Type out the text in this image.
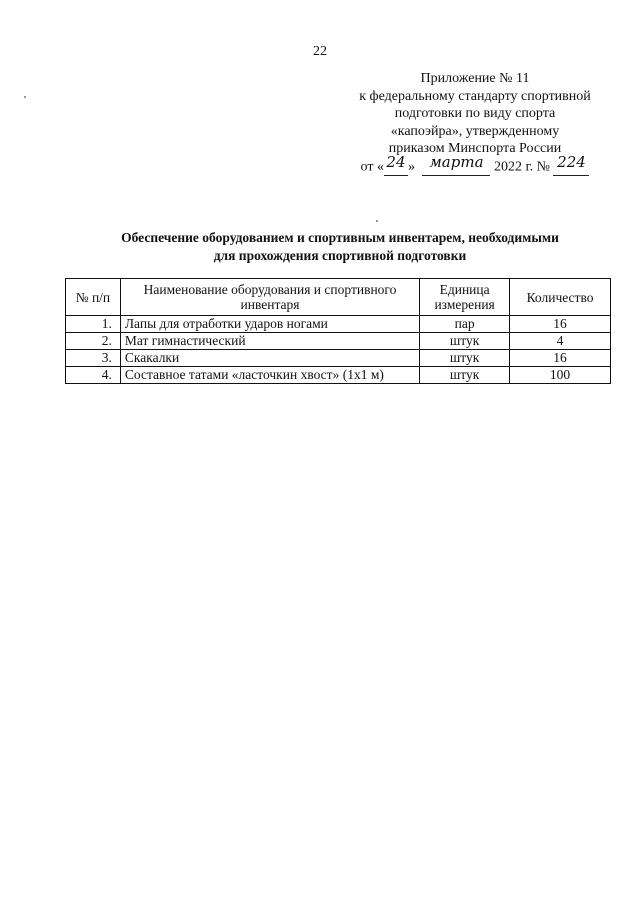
22
Приложение № 11
к федеральному стандарту спортивной
подготовки по виду спорта
«капоэйра», утвержденному
приказом Минспорта России
от « 24 » марта 2022 г. № 224
Обеспечение оборудованием и спортивным инвентарем, необходимыми
для прохождения спортивной подготовки
№ п/п	Наименование оборудования и спортивного инвентаря	Единица измерения	Количество
1.	Лапы для отработки ударов ногами	пар	16
2.	Мат гимнастический	штук	4
3.	Скакалки	штук	16
4.	Составное татами «ласточкин хвост» (1x1 м)	штук	100
